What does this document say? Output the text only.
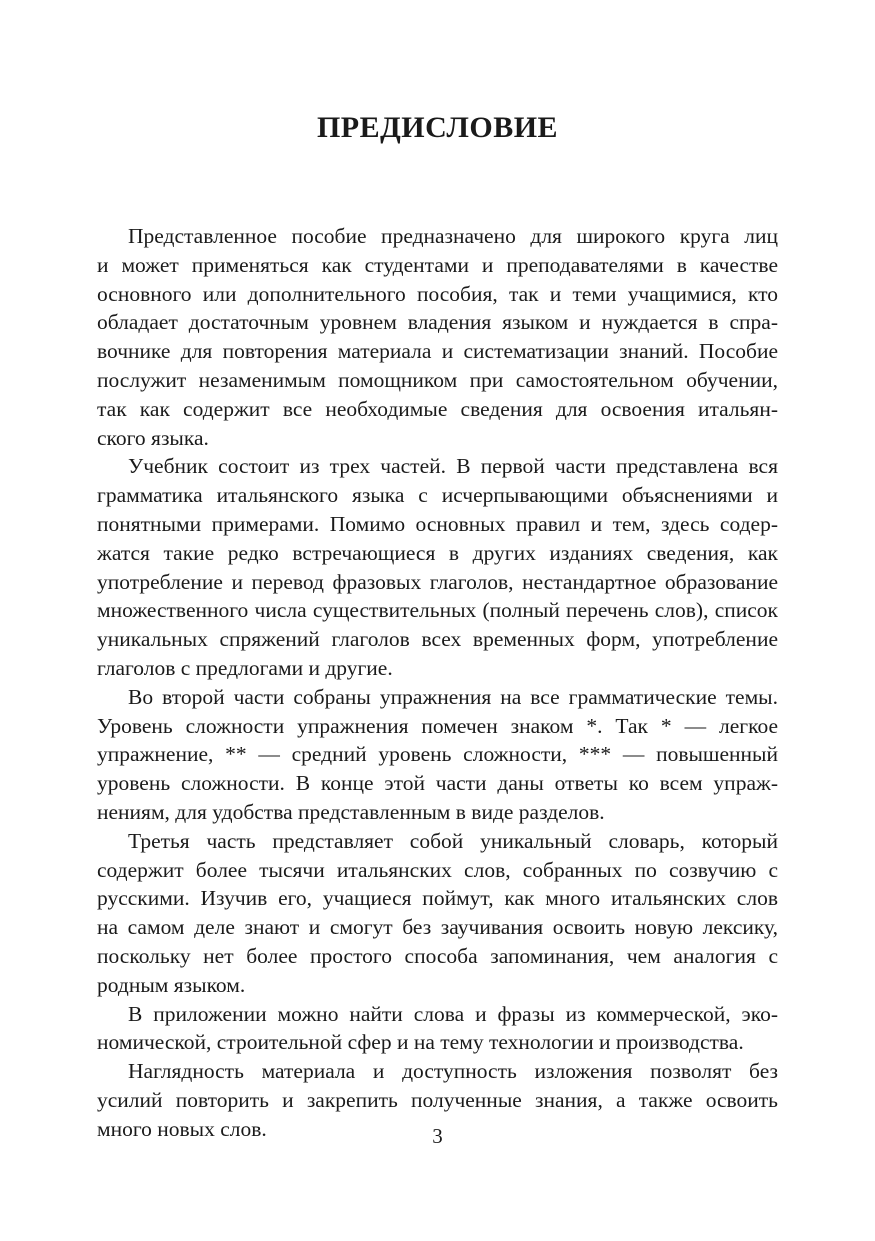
ПРЕДИСЛОВИЕ
Представленное пособие предназначено для широкого круга лиц
и может применяться как студентами и преподавателями в качестве
основного или дополнительного пособия, так и теми учащимися, кто
обладает достаточным уровнем владения языком и нуждается в спра-
вочнике для повторения материала и систематизации знаний. Пособие
послужит незаменимым помощником при самостоятельном обучении,
так как содержит все необходимые сведения для освоения итальян-
ского языка.
Учебник состоит из трех частей. В первой части представлена вся
грамматика итальянского языка с исчерпывающими объяснениями и
понятными примерами. Помимо основных правил и тем, здесь содер-
жатся такие редко встречающиеся в других изданиях сведения, как
употребление и перевод фразовых глаголов, нестандартное образование
множественного числа существительных (полный перечень слов), список
уникальных спряжений глаголов всех временных форм, употребление
глаголов с предлогами и другие.
Во второй части собраны упражнения на все грамматические темы.
Уровень сложности упражнения помечен знаком *. Так * — легкое
упражнение, ** — средний уровень сложности, *** — повышенный
уровень сложности. В конце этой части даны ответы ко всем упраж-
нениям, для удобства представленным в виде разделов.
Третья часть представляет собой уникальный словарь, который
содержит более тысячи итальянских слов, собранных по созвучию с
русскими. Изучив его, учащиеся поймут, как много итальянских слов
на самом деле знают и смогут без заучивания освоить новую лексику,
поскольку нет более простого способа запоминания, чем аналогия с
родным языком.
В приложении можно найти слова и фразы из коммерческой, эко-
номической, строительной сфер и на тему технологии и производства.
Наглядность материала и доступность изложения позволят без
усилий повторить и закрепить полученные знания, а также освоить
много новых слов.	3
